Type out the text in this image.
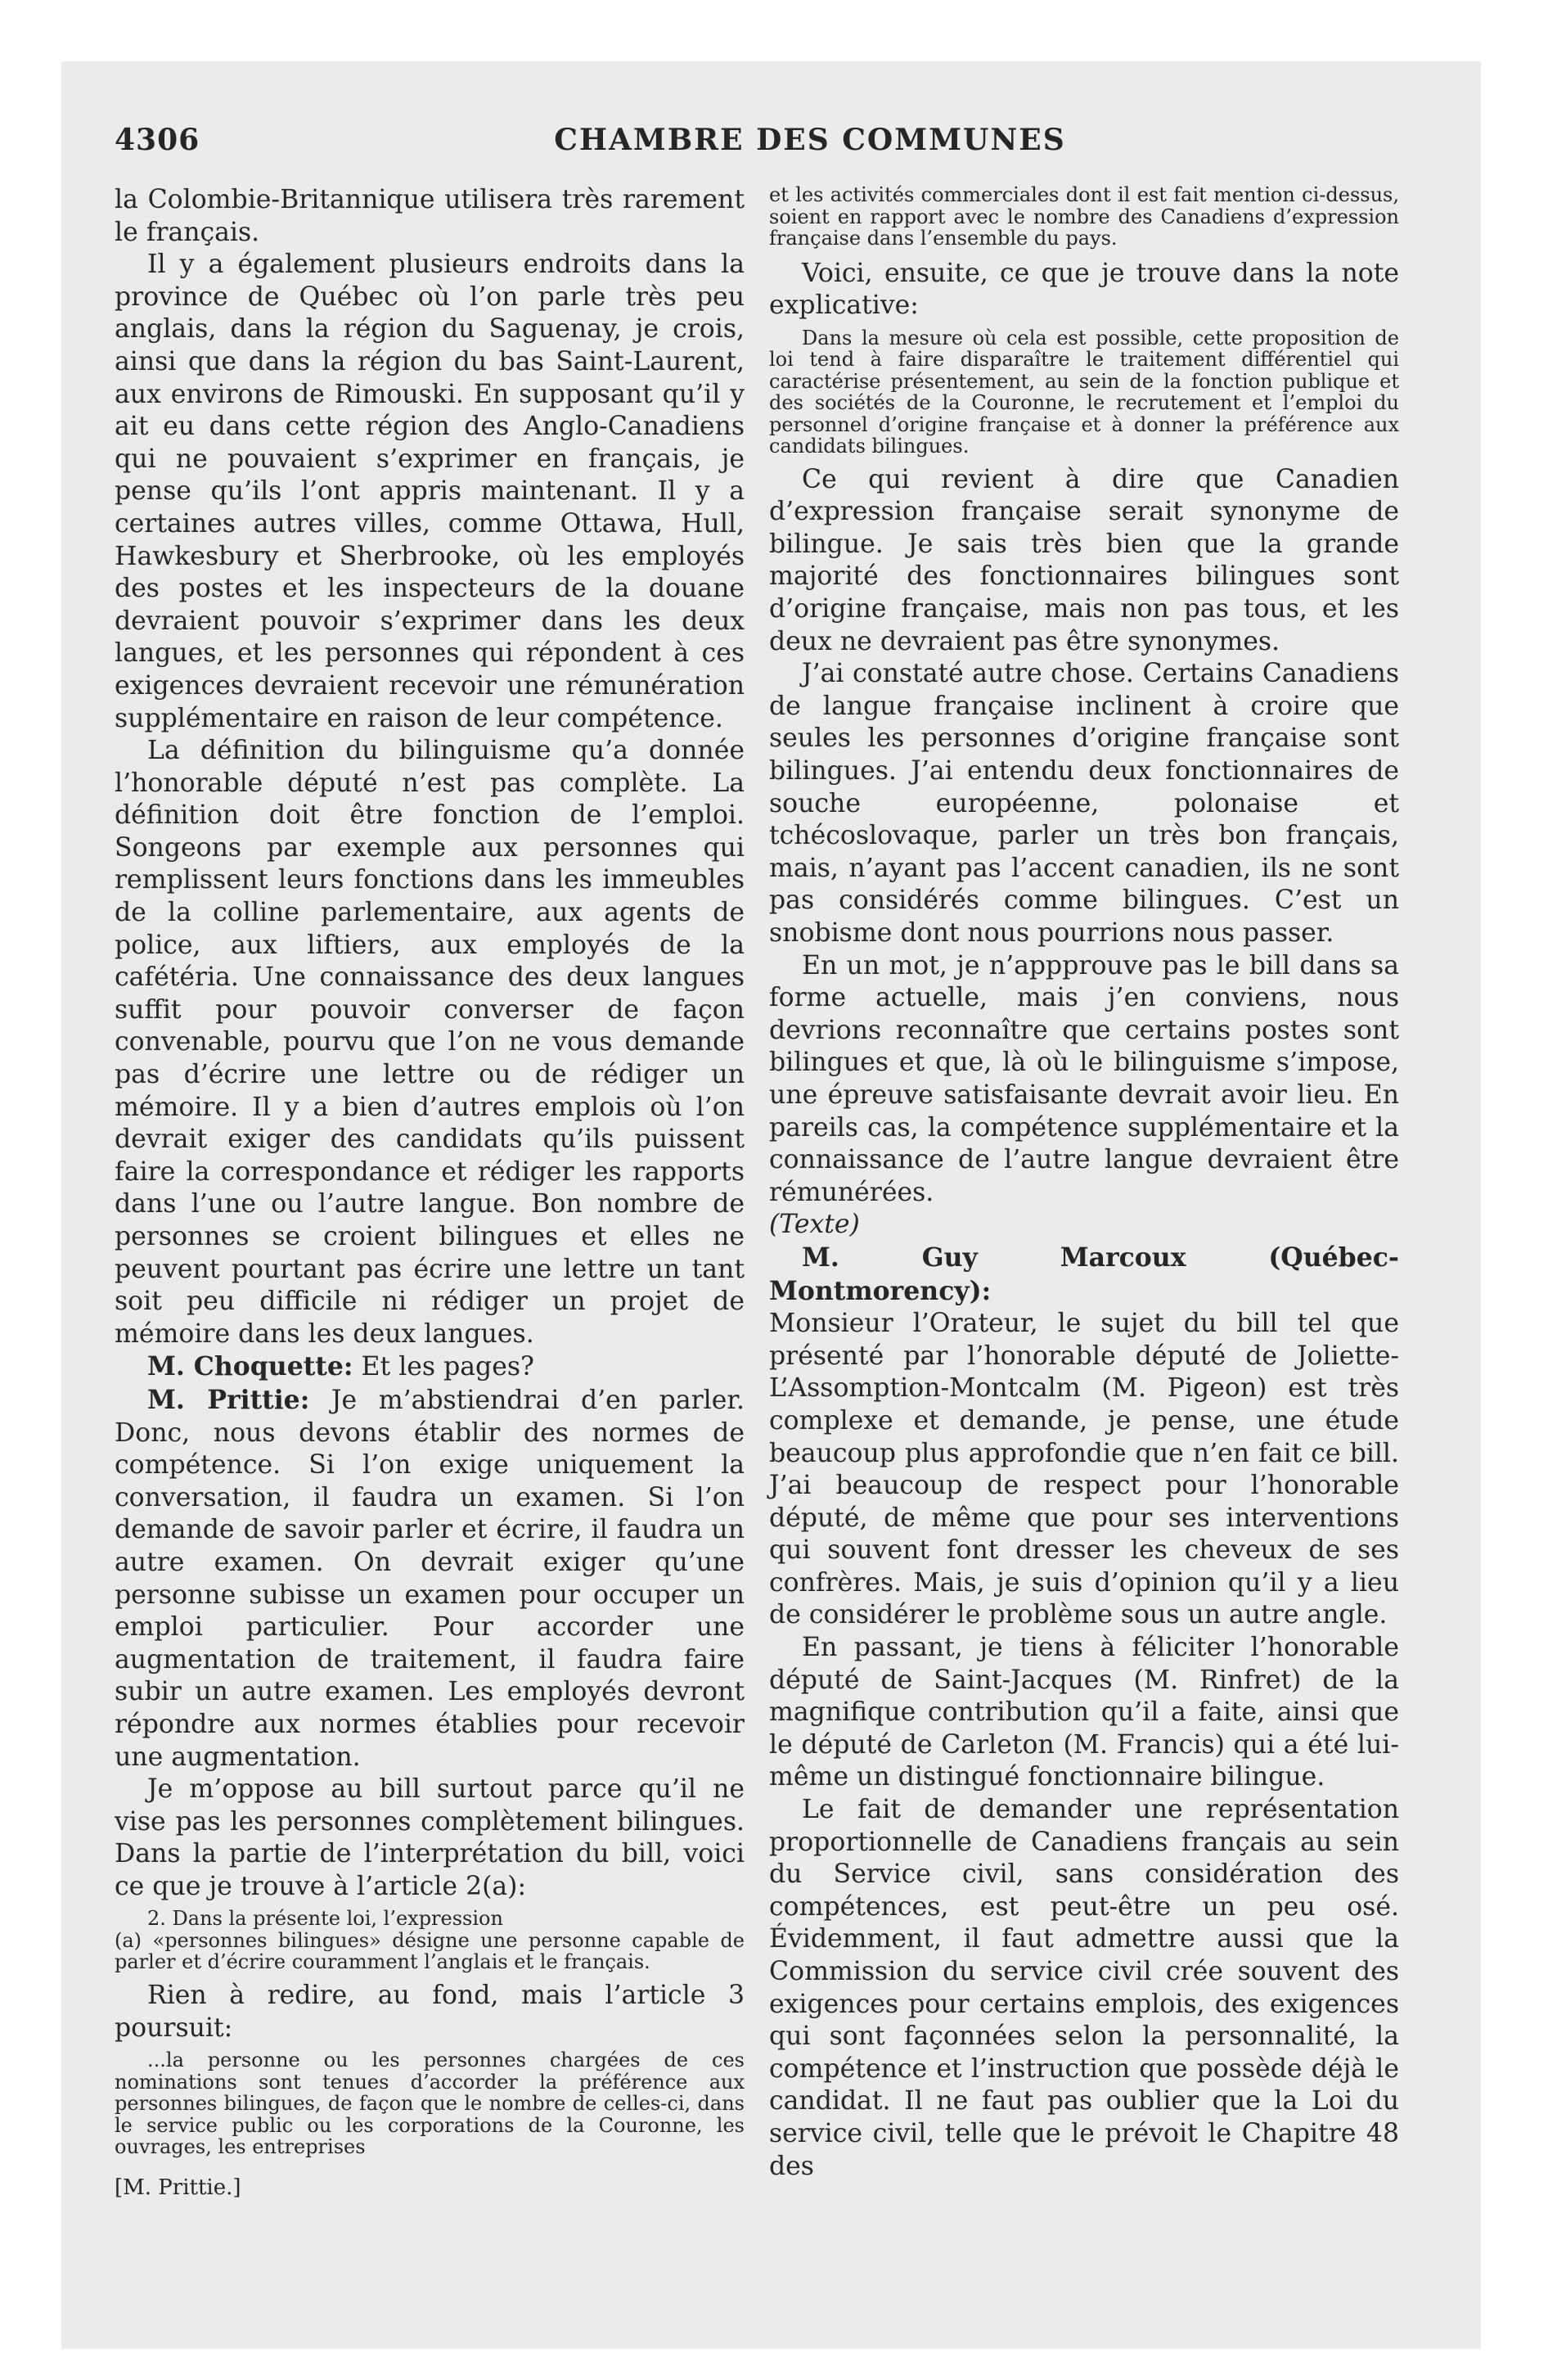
4306	CHAMBRE DES COMMUNES

la Colombie-Britannique utilisera très rarement le français.

Il y a également plusieurs endroits dans la province de Québec où l’on parle très peu anglais, dans la région du Saguenay, je crois, ainsi que dans la région du bas Saint-Laurent, aux environs de Rimouski. En supposant qu’il y ait eu dans cette région des Anglo-Canadiens qui ne pouvaient s’exprimer en français, je pense qu’ils l’ont appris maintenant. Il y a certaines autres villes, comme Ottawa, Hull, Hawkesbury et Sherbrooke, où les employés des postes et les inspecteurs de la douane devraient pouvoir s’exprimer dans les deux langues, et les personnes qui répondent à ces exigences devraient recevoir une rémunération supplémentaire en raison de leur compétence.

La définition du bilinguisme qu’a donnée l’honorable député n’est pas complète. La définition doit être fonction de l’emploi. Songeons par exemple aux personnes qui remplissent leurs fonctions dans les immeubles de la colline parlementaire, aux agents de police, aux liftiers, aux employés de la cafétéria. Une connaissance des deux langues suffit pour pouvoir converser de façon convenable, pourvu que l’on ne vous demande pas d’écrire une lettre ou de rédiger un mémoire. Il y a bien d’autres emplois où l’on devrait exiger des candidats qu’ils puissent faire la correspondance et rédiger les rapports dans l’une ou l’autre langue. Bon nombre de personnes se croient bilingues et elles ne peuvent pourtant pas écrire une lettre un tant soit peu difficile ni rédiger un projet de mémoire dans les deux langues.

M. Choquette: Et les pages?

M. Prittie: Je m’abstiendrai d’en parler. Donc, nous devons établir des normes de compétence. Si l’on exige uniquement la conversation, il faudra un examen. Si l’on demande de savoir parler et écrire, il faudra un autre examen. On devrait exiger qu’une personne subisse un examen pour occuper un emploi particulier. Pour accorder une augmentation de traitement, il faudra faire subir un autre examen. Les employés devront répondre aux normes établies pour recevoir une augmentation.

Je m’oppose au bill surtout parce qu’il ne vise pas les personnes complètement bilingues. Dans la partie de l’interprétation du bill, voici ce que je trouve à l’article 2(a):

2. Dans la présente loi, l’expression

(a) «personnes bilingues» désigne une personne capable de parler et d’écrire couramment l’anglais et le français.

Rien à redire, au fond, mais l’article 3 poursuit:

...la personne ou les personnes chargées de ces nominations sont tenues d’accorder la préférence aux personnes bilingues, de façon que le nombre de celles-ci, dans le service public ou les corporations de la Couronne, les ouvrages, les entreprises

[M. Prittie.]

et les activités commerciales dont il est fait mention ci-dessus, soient en rapport avec le nombre des Canadiens d’expression française dans l’ensemble du pays.

Voici, ensuite, ce que je trouve dans la note explicative:

Dans la mesure où cela est possible, cette proposition de loi tend à faire disparaître le traitement différentiel qui caractérise présentement, au sein de la fonction publique et des sociétés de la Couronne, le recrutement et l’emploi du personnel d’origine française et à donner la préférence aux candidats bilingues.

Ce qui revient à dire que Canadien d’expression française serait synonyme de bilingue. Je sais très bien que la grande majorité des fonctionnaires bilingues sont d’origine française, mais non pas tous, et les deux ne devraient pas être synonymes.

J’ai constaté autre chose. Certains Canadiens de langue française inclinent à croire que seules les personnes d’origine française sont bilingues. J’ai entendu deux fonctionnaires de souche européenne, polonaise et tchécoslovaque, parler un très bon français, mais, n’ayant pas l’accent canadien, ils ne sont pas considérés comme bilingues. C’est un snobisme dont nous pourrions nous passer.

En un mot, je n’appprouve pas le bill dans sa forme actuelle, mais j’en conviens, nous devrions reconnaître que certains postes sont bilingues et que, là où le bilinguisme s’impose, une épreuve satisfaisante devrait avoir lieu. En pareils cas, la compétence supplémentaire et la connaissance de l’autre langue devraient être rémunérées.

(Texte)

M. Guy Marcoux (Québec-Montmorency):

Monsieur l’Orateur, le sujet du bill tel que présenté par l’honorable député de Joliette-L’Assomption-Montcalm (M. Pigeon) est très complexe et demande, je pense, une étude beaucoup plus approfondie que n’en fait ce bill. J’ai beaucoup de respect pour l’honorable député, de même que pour ses interventions qui souvent font dresser les cheveux de ses confrères. Mais, je suis d’opinion qu’il y a lieu de considérer le problème sous un autre angle.

En passant, je tiens à féliciter l’honorable député de Saint-Jacques (M. Rinfret) de la magnifique contribution qu’il a faite, ainsi que le député de Carleton (M. Francis) qui a été lui-même un distingué fonctionnaire bilingue.

Le fait de demander une représentation proportionnelle de Canadiens français au sein du Service civil, sans considération des compétences, est peut-être un peu osé. Évidemment, il faut admettre aussi que la Commission du service civil crée souvent des exigences pour certains emplois, des exigences qui sont façonnées selon la personnalité, la compétence et l’instruction que possède déjà le candidat. Il ne faut pas oublier que la Loi du service civil, telle que le prévoit le Chapitre 48 des
